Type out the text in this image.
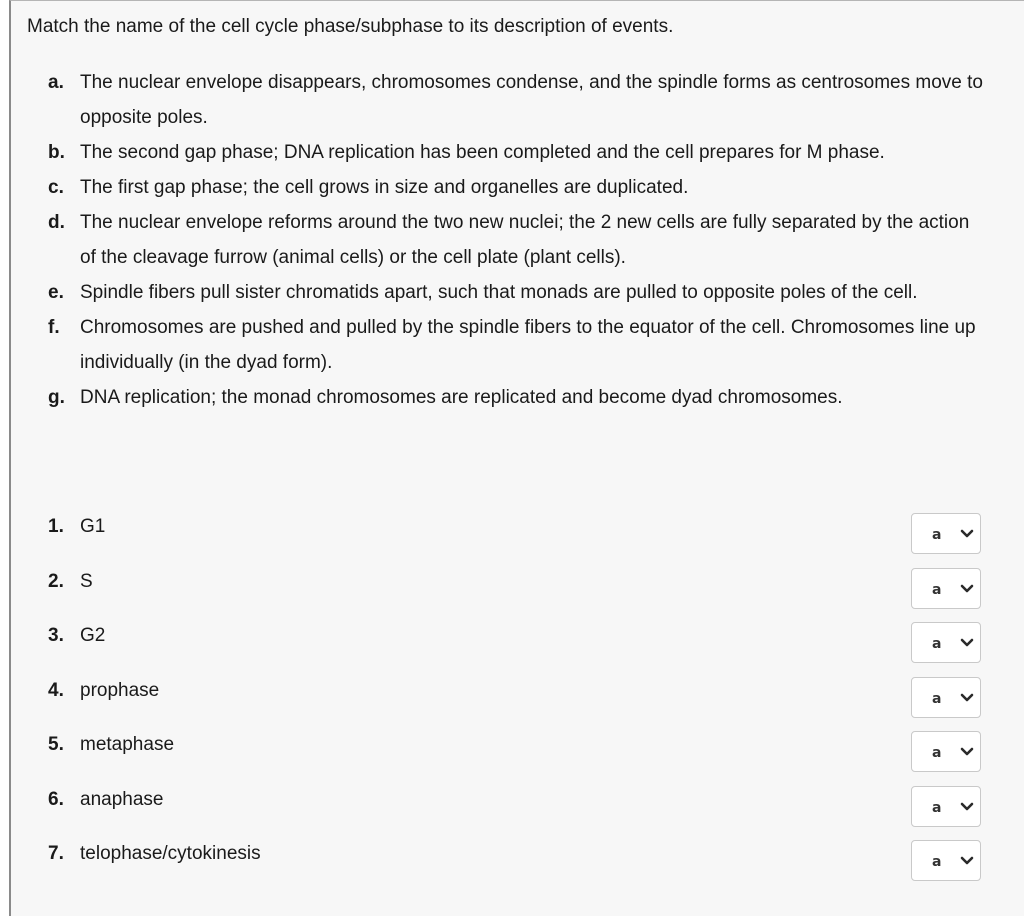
Match the name of the cell cycle phase/subphase to its description of events.
a. The nuclear envelope disappears, chromosomes condense, and the spindle forms as centrosomes move to opposite poles.
b. The second gap phase; DNA replication has been completed and the cell prepares for M phase.
c. The first gap phase; the cell grows in size and organelles are duplicated.
d. The nuclear envelope reforms around the two new nuclei; the 2 new cells are fully separated by the action of the cleavage furrow (animal cells) or the cell plate (plant cells).
e. Spindle fibers pull sister chromatids apart, such that monads are pulled to opposite poles of the cell.
f.	Chromosomes are pushed and pulled by the spindle fibers to the equator of the cell. Chromosomes line up individually (in the dyad form).
g. DNA replication; the monad chromosomes are replicated and become dyad chromosomes.
1. G1	a
2. S	a
3. G2	a
4. prophase	a
5. metaphase	a
6. anaphase	a
7. telophase/cytokinesis	a
